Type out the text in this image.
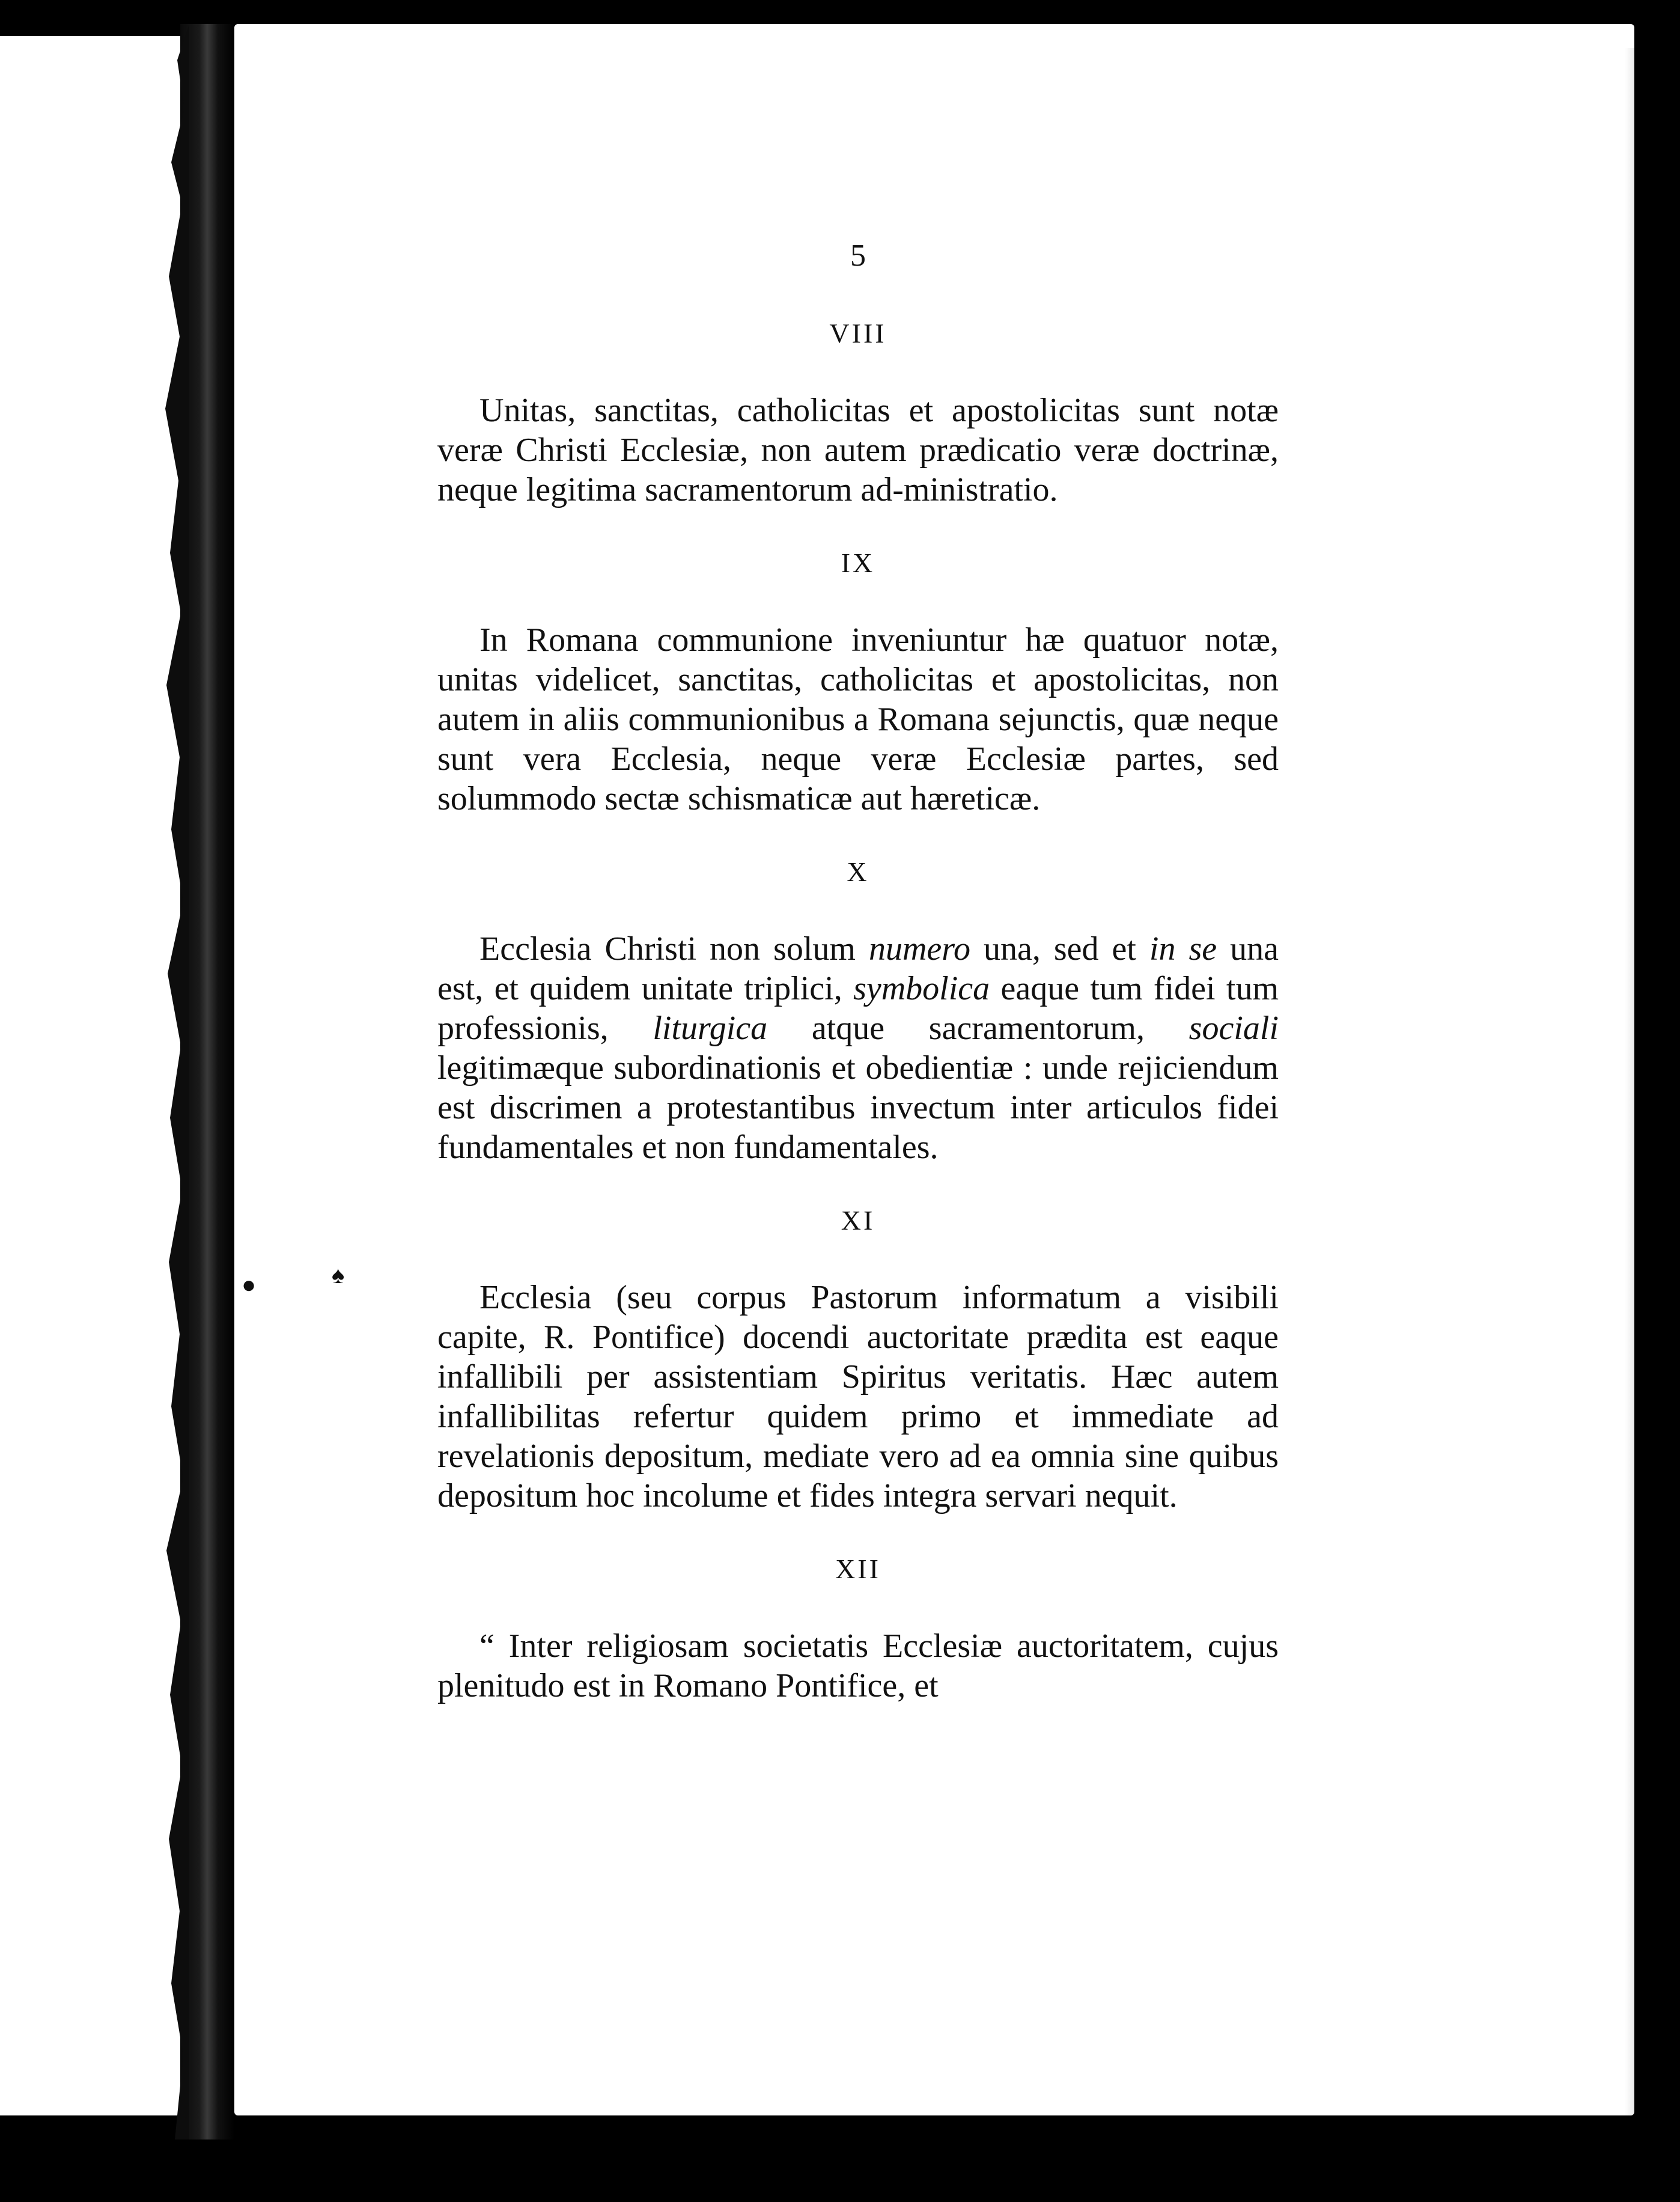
5
VIII

Unitas, sanctitas, catholicitas et apostolicitas sunt notæ veræ Christi Ecclesiæ, non autem prædicatio veræ doctrinæ, neque legitima sacramentorum ad-ministratio.

IX

In Romana communione inveniuntur hæ quatuor notæ, unitas videlicet, sanctitas, catholicitas et apostolicitas, non autem in aliis communionibus a Romana sejunctis, quæ neque sunt vera Ecclesia, neque veræ Ecclesiæ partes, sed solummodo sectæ schismaticæ aut hæreticæ.

X

Ecclesia Christi non solum numero una, sed et in se una est, et quidem unitate triplici, symbolica eaque tum fidei tum professionis, liturgica atque sacramentorum, sociali legitimæque subordinationis et obedientiæ : unde rejiciendum est discrimen a protestantibus invectum inter articulos fidei fundamentales et non fundamentales.

XI

Ecclesia (seu corpus Pastorum informatum a visibili capite, R. Pontifice) docendi auctoritate prædita est eaque infallibili per assistentiam Spiritus veritatis. Hæc autem infallibilitas refertur quidem primo et immediate ad revelationis depositum, mediate vero ad ea omnia sine quibus depositum hoc incolume et fides integra servari nequit.

XII

“ Inter religiosam societatis Ecclesiæ auctoritatem, cujus plenitudo est in Romano Pontifice, et

●	♠
